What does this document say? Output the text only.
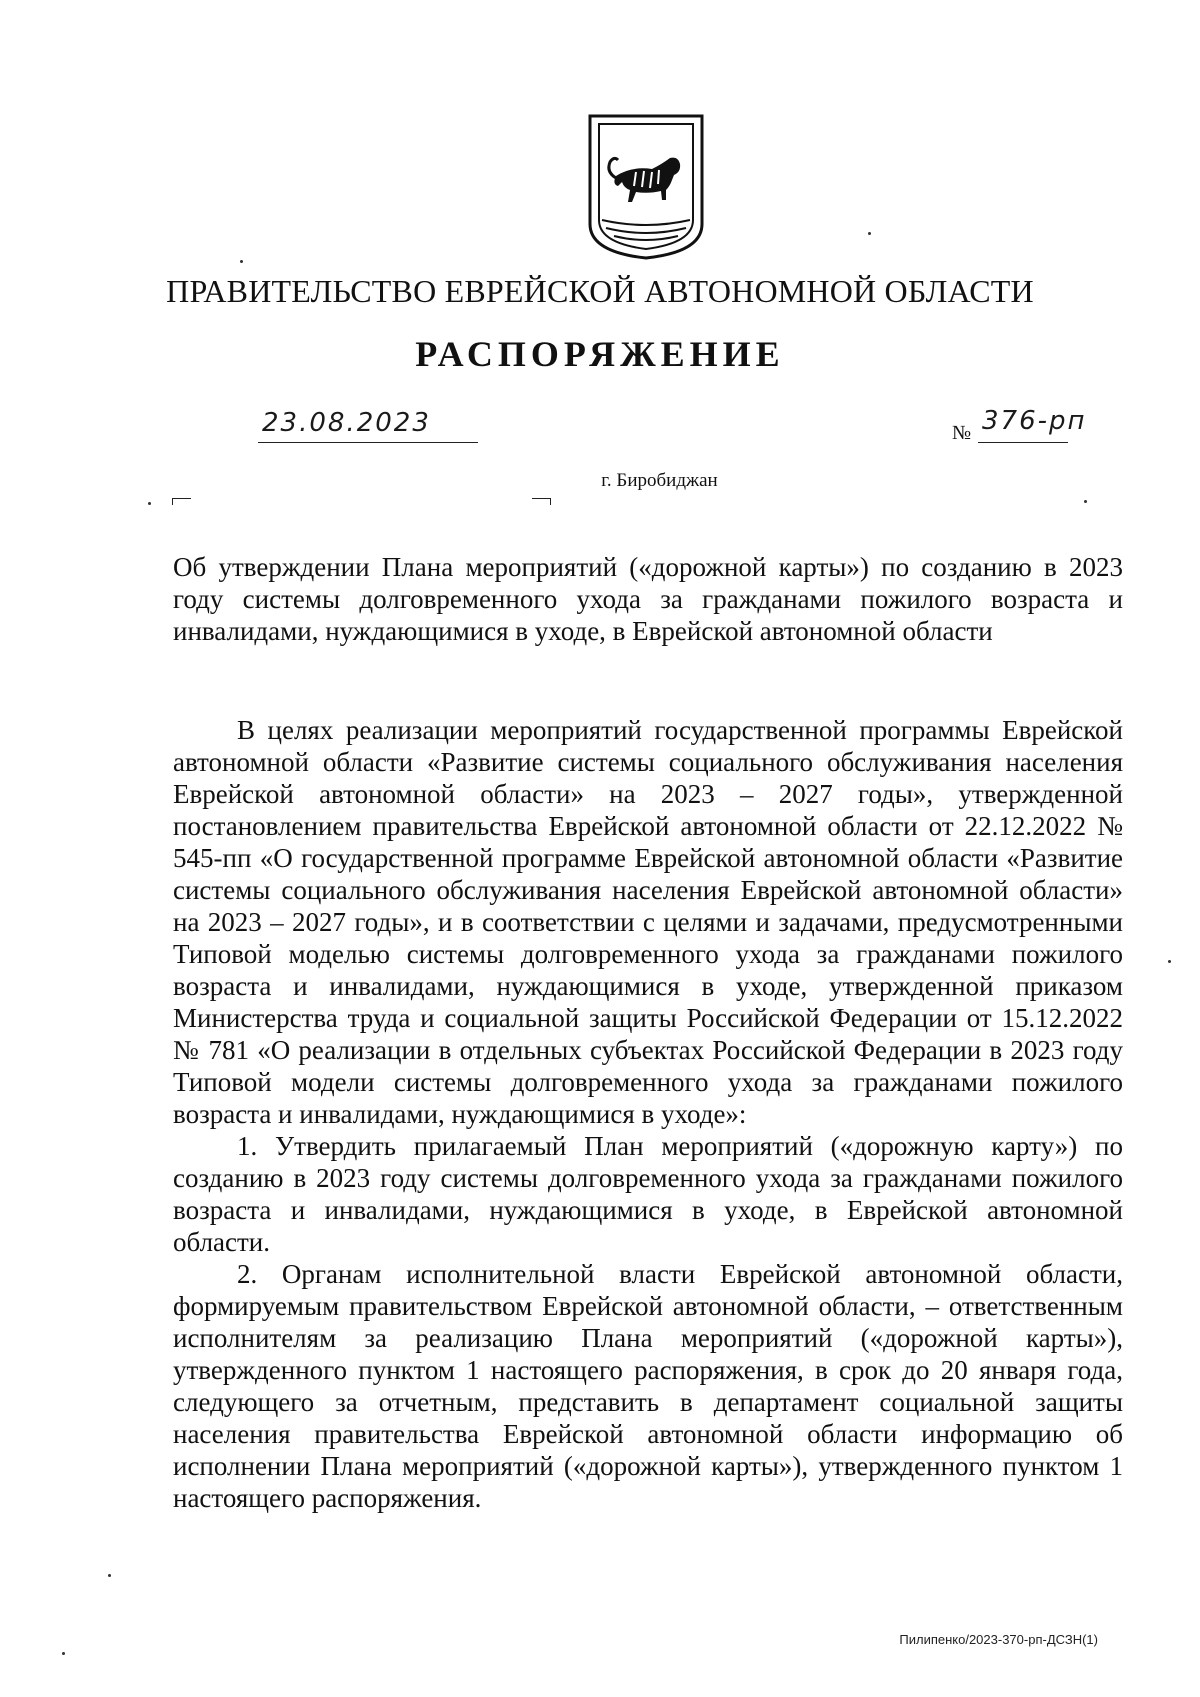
ПРАВИТЕЛЬСТВО ЕВРЕЙСКОЙ АВТОНОМНОЙ ОБЛАСТИ
РАСПОРЯЖЕНИЕ
23.08.2023	№ 376-рп
г. Биробиджан
Об утверждении Плана мероприятий («дорожной карты») по созданию в 2023 году системы долговременного ухода за гражданами пожилого возраста и инвалидами, нуждающимися в уходе, в Еврейской автономной области

В целях реализации мероприятий государственной программы Еврейской автономной области «Развитие системы социального обслуживания населения Еврейской автономной области» на 2023 – 2027 годы», утвержденной постановлением правительства Еврейской автономной области от 22.12.2022 № 545-пп «О государственной программе Еврейской автономной области «Развитие системы социального обслуживания населения Еврейской автономной области» на 2023 – 2027 годы», и в соответствии с целями и задачами, предусмотренными Типовой моделью системы долговременного ухода за гражданами пожилого возраста и инвалидами, нуждающимися в уходе, утвержденной приказом Министерства труда и социальной защиты Российской Федерации от 15.12.2022 № 781 «О реализации в отдельных субъектах Российской Федерации в 2023 году Типовой модели системы долговременного ухода за гражданами пожилого возраста и инвалидами, нуждающимися в уходе»:

1. Утвердить прилагаемый План мероприятий («дорожную карту») по созданию в 2023 году системы долговременного ухода за гражданами пожилого возраста и инвалидами, нуждающимися в уходе, в Еврейской автономной области.

2. Органам исполнительной власти Еврейской автономной области, формируемым правительством Еврейской автономной области, – ответственным исполнителям за реализацию Плана мероприятий («дорожной карты»), утвержденного пунктом 1 настоящего распоряжения, в срок до 20 января года, следующего за отчетным, представить в департамент социальной защиты населения правительства Еврейской автономной области информацию об исполнении Плана мероприятий («дорожной карты»), утвержденного пунктом 1 настоящего распоряжения.

Пилипенко/2023-370-рп-ДСЗН(1)
